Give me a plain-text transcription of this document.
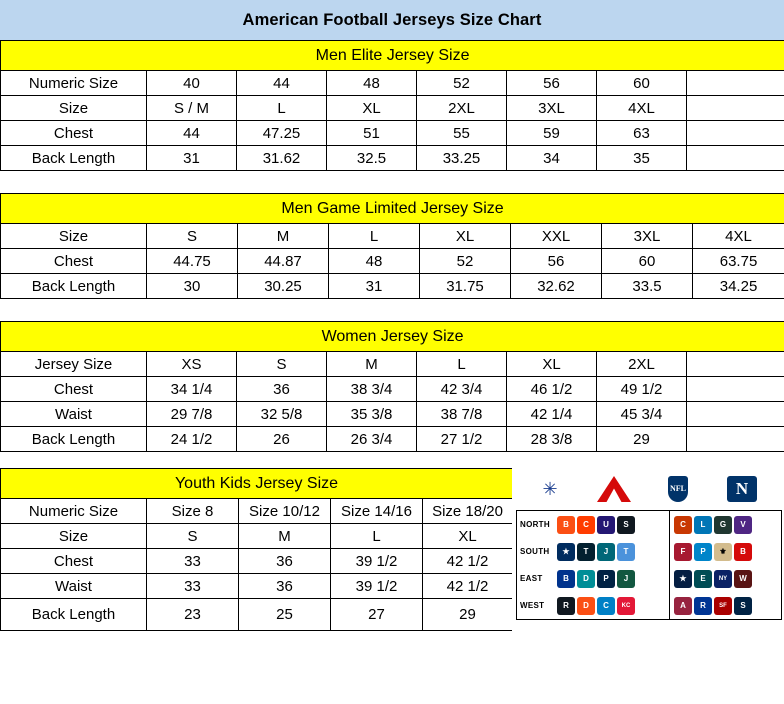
American Football Jerseys Size Chart
Men Elite Jersey Size							
Numeric Size	40	44	48	52	56	60	
Size	S / M	L	XL	2XL	3XL	4XL	
Chest	44	47.25	51	55	59	63	
Back Length	31	31.62	32.5	33.25	34	35	
Men Game Limited Jersey Size							
Size	S	M	L	XL	XXL	3XL	4XL
Chest	44.75	44.87	48	52	56	60	63.75
Back Length	30	30.25	31	31.75	32.62	33.5	34.25
Women Jersey Size							
Jersey Size	XS	S	M	L	XL	2XL	
Chest	34 1/4	36	38 3/4	42 3/4	46 1/2	49 1/2	
Waist	29 7/8	32 5/8	35 3/8	38 7/8	42 1/4	45 3/4	
Back Length	24 1/2	26	26 3/4	27 1/2	28 3/8	29	
Youth Kids Jersey Size				
Numeric Size	Size 8	Size 10/12	Size 14/16	Size 18/20
Size	S	M	L	XL
Chest	33	36	39 1/2	42 1/2
Waist	33	36	39 1/2	42 1/2
Back Length	23	25	27	29
✳	NFL	N
NORTH	B	C	U	S	C	L	G	V
SOUTH	★	T	J	T	F	P	⚜	B
EAST	B	D	P	J	★	E	NY	W
WEST	R	D	C	KC	A	R	SF	S
